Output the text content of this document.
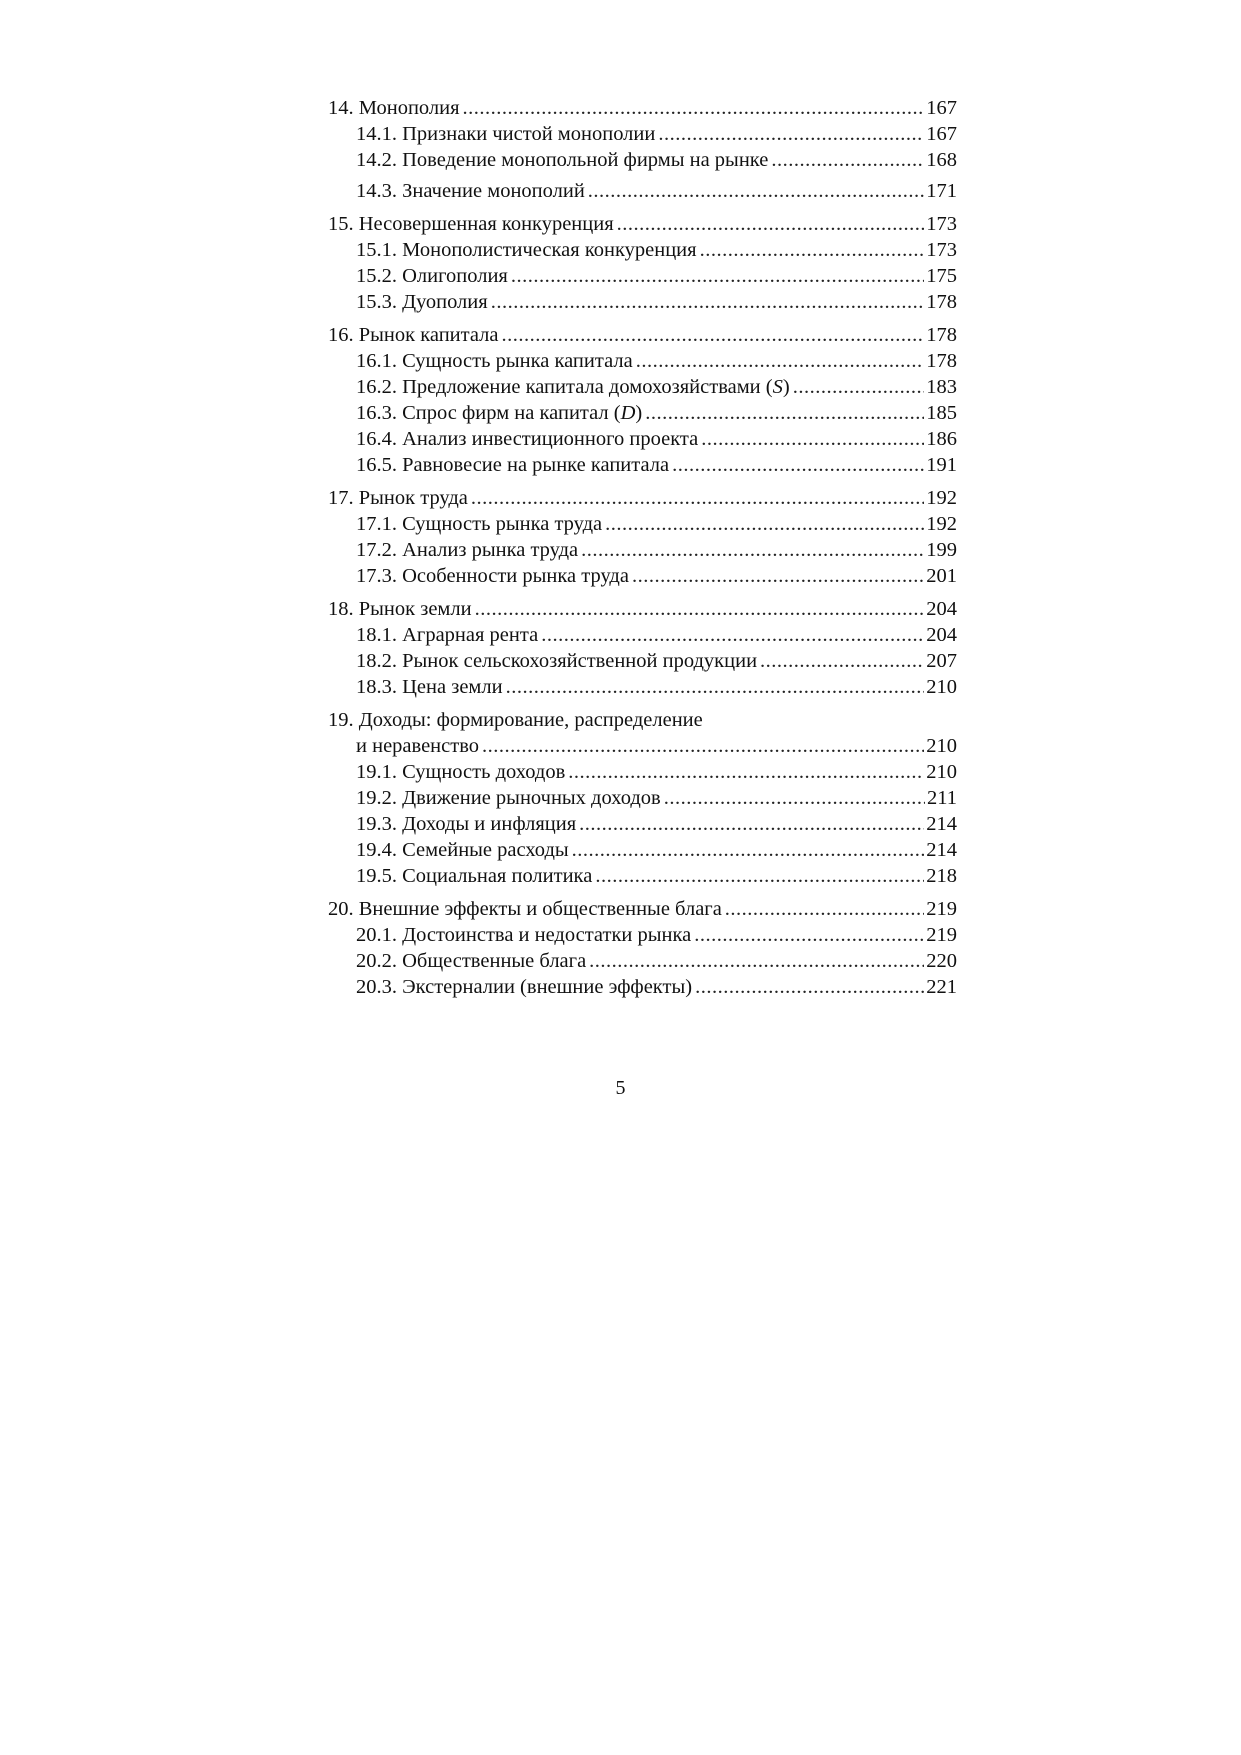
14. Монополия .....	167
14.1. Признаки чистой монополии .....	167
14.2. Поведение монопольной фирмы на рынке .....	168
14.3. Значение монополий .....	171
15. Несовершенная конкуренция .....	173
15.1. Монополистическая конкуренция .....	173
15.2. Олигополия .....	175
15.3. Дуополия .....	178
16. Рынок капитала .....	178
16.1. Сущность рынка капитала .....	178
16.2. Предложение капитала домохозяйствами (S) .....	183
16.3. Спрос фирм на капитал (D) .....	185
16.4. Анализ инвестиционного проекта .....	186
16.5. Равновесие на рынке капитала .....	191
17. Рынок труда .....	192
17.1. Сущность рынка труда .....	192
17.2. Анализ рынка труда .....	199
17.3. Особенности рынка труда .....	201
18. Рынок земли .....	204
18.1. Аграрная рента .....	204
18.2. Рынок сельскохозяйственной продукции .....	207
18.3. Цена земли .....	210
19. Доходы: формирование, распределение
и неравенство .....	210
19.1. Сущность доходов .....	210
19.2. Движение рыночных доходов .....	211
19.3. Доходы и инфляция .....	214
19.4. Семейные расходы .....	214
19.5. Социальная политика .....	218
20. Внешние эффекты и общественные блага .....	219
20.1. Достоинства и недостатки рынка .....	219
20.2. Общественные блага .....	220
20.3. Экстерналии (внешние эффекты) .....	221
5
